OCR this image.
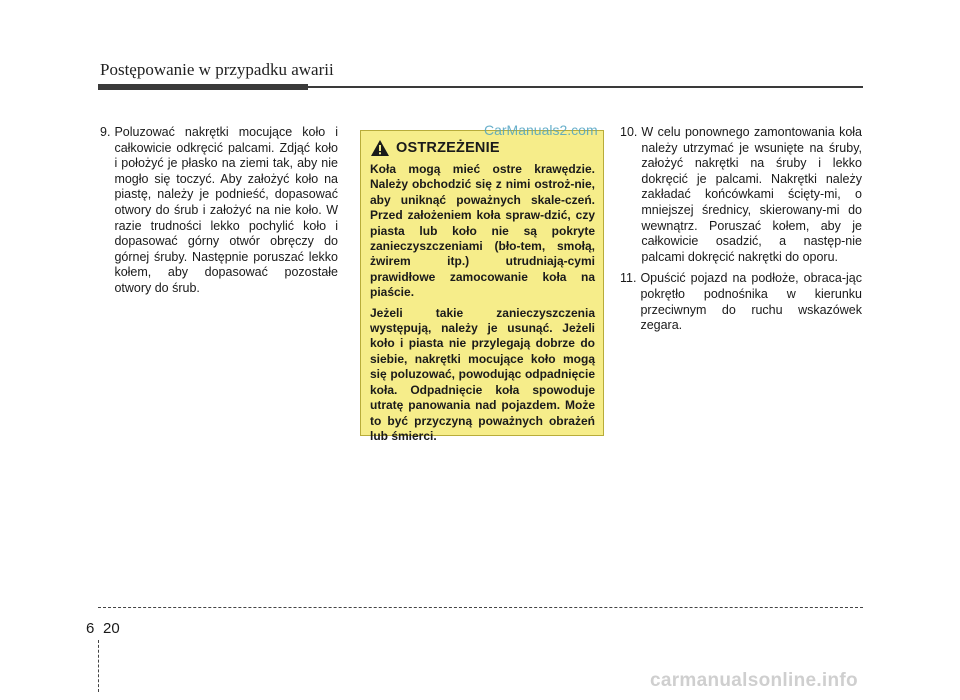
Postępowanie w przypadku awarii
9. Poluzować nakrętki mocujące koło i całkowicie odkręcić palcami. Zdjąć koło i położyć je płasko na ziemi tak, aby nie mogło się toczyć. Aby założyć koło na piastę, należy je podnieść, dopasować otwory do śrub i założyć na nie koło. W razie trudności lekko pochylić koło i dopasować górny otwór obręczy do górnej śruby. Następnie poruszać lekko kołem, aby dopasować pozostałe otwory do śrub.
OSTRZEŻENIE

Koła mogą mieć ostre krawędzie. Należy obchodzić się z nimi ostroż-nie, aby uniknąć poważnych skale-czeń. Przed założeniem koła spraw-dzić, czy piasta lub koło nie są pokryte zanieczyszczeniami (bło-tem, smołą, żwirem itp.) utrudniają-cymi prawidłowe zamocowanie koła na piaście.

Jeżeli takie zanieczyszczenia występują, należy je usunąć. Jeżeli koło i piasta nie przylegają dobrze do siebie, nakrętki mocujące koło mogą się poluzować, powodując odpadnięcie koła. Odpadnięcie koła spowoduje utratę panowania nad pojazdem. Może to być przyczyną poważnych obrażeń lub śmierci.

CarManuals2.com 10. W celu ponownego zamontowania koła należy utrzymać je wsunięte na śruby, założyć nakrętki na śruby i lekko dokręcić je palcami. Nakrętki należy zakładać końcówkami ścięty-mi, o mniejszej średnicy, skierowany-mi do wewnątrz. Poruszać kołem, aby je całkowicie osadzić, a następ-nie palcami dokręcić nakrętki do oporu.
11. Opuścić pojazd na podłoże, obraca-jąc pokrętło podnośnika w kierunku przeciwnym do ruchu wskazówek zegara.
6 20
carmanualsonline.info
